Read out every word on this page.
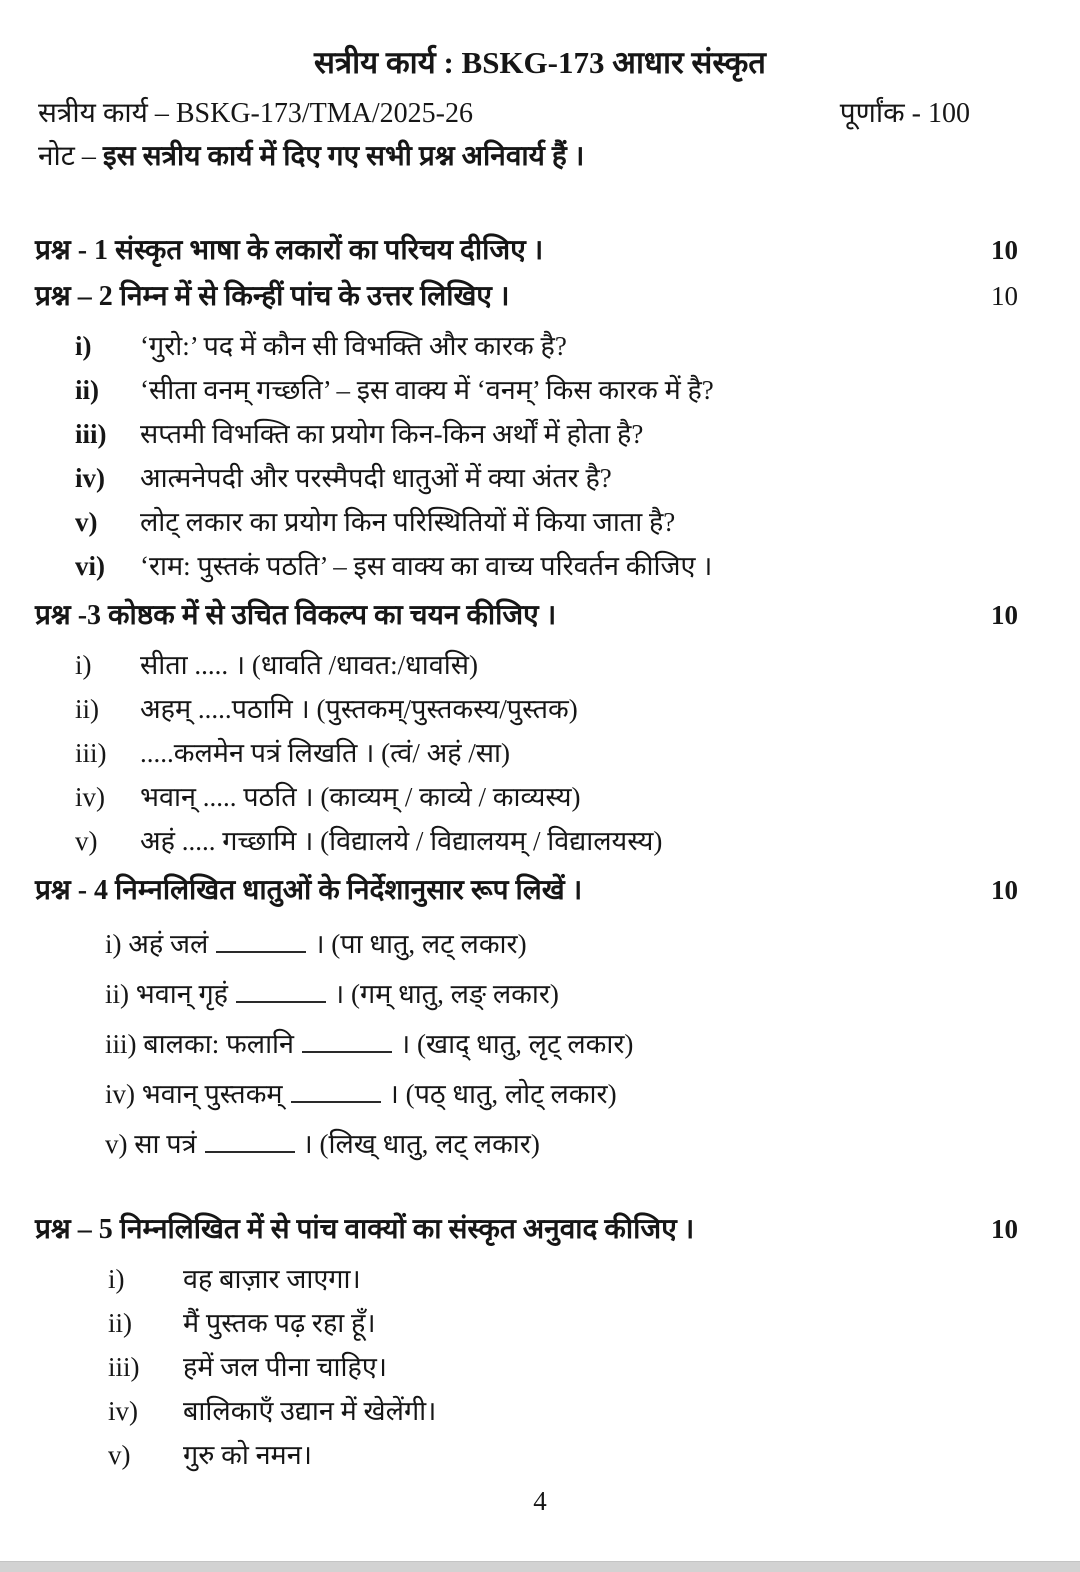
सत्रीय कार्य : BSKG-173 आधार संस्कृत
सत्रीय कार्य – BSKG-173/TMA/2025-26	पूर्णांक - 100
नोट – इस सत्रीय कार्य में दिए गए सभी प्रश्न अनिवार्य हैं ।
प्रश्न - 1 संस्कृत भाषा के लकारों का परिचय दीजिए ।	10
प्रश्न – 2 निम्न में से किन्हीं पांच के उत्तर लिखिए ।	10
i)	‘गुरो:’ पद में कौन सी विभक्ति और कारक है?
ii)	‘सीता वनम् गच्छति’ – इस वाक्य में ‘वनम्’ किस कारक में है?
iii)	सप्तमी विभक्ति का प्रयोग किन-किन अर्थों में होता है?
iv)	आत्मनेपदी और परस्मैपदी धातुओं में क्या अंतर है?
v)	लोट् लकार का प्रयोग किन परिस्थितियों में किया जाता है?
vi)	‘राम: पुस्तकं पठति’ – इस वाक्य का वाच्य परिवर्तन कीजिए ।
प्रश्न -3 कोष्ठक में से उचित विकल्प का चयन कीजिए ।	10
i)	सीता ..... । (धावति /धावत:/धावसि)
ii)	अहम् .....पठामि । (पुस्तकम्/पुस्तकस्य/पुस्तक)
iii)	.....कलमेन पत्रं लिखति । (त्वं/ अहं /सा)
iv)	भवान् ..... पठति । (काव्यम् / काव्ये / काव्यस्य)
v)	अहं ..... गच्छामि । (विद्यालये / विद्यालयम् / विद्यालयस्य)
प्रश्न - 4 निम्नलिखित धातुओं के निर्देशानुसार रूप लिखें ।	10
i) अहं जलं	। (पा धातु, लट् लकार)
ii) भवान् गृहं	। (गम् धातु, लङ् लकार)
iii) बालका: फलानि	। (खाद् धातु, लृट् लकार)
iv) भवान् पुस्तकम्	। (पठ् धातु, लोट् लकार)
v) सा पत्रं	। (लिख् धातु, लट् लकार)
प्रश्न – 5 निम्नलिखित में से पांच वाक्यों का संस्कृत अनुवाद कीजिए ।	10
i)	वह बाज़ार जाएगा।
ii)	मैं पुस्तक पढ़ रहा हूँ।
iii)	हमें जल पीना चाहिए।
iv)	बालिकाएँ उद्यान में खेलेंगी।
v)	गुरु को नमन।
4
